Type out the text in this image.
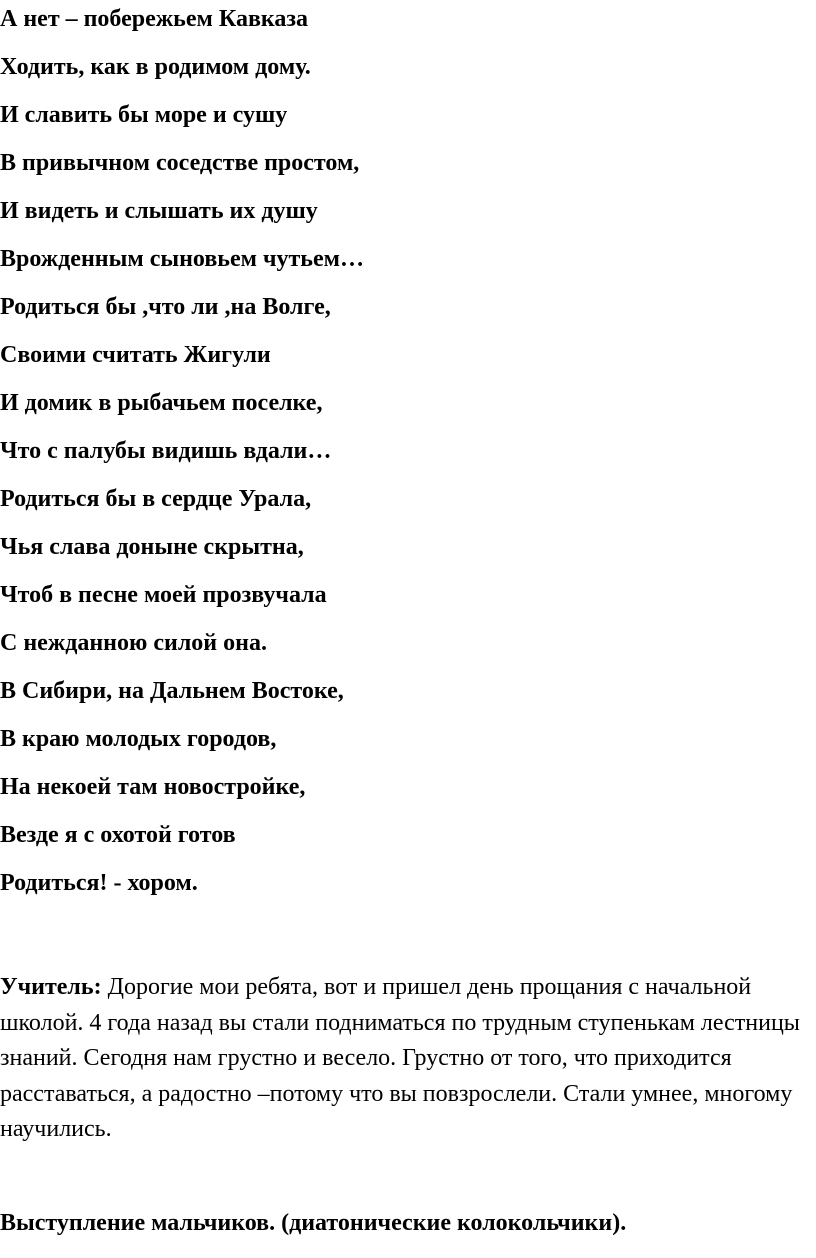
А нет – побережьем Кавказа

Ходить, как в родимом дому.

И славить бы море и сушу

В привычном соседстве простом,

И видеть и слышать их душу

Врожденным сыновьем чутьем…

Родиться бы ,что ли ,на Волге,

Своими считать Жигули

И домик в рыбачьем поселке,

Что с палубы видишь вдали…

Родиться бы в сердце Урала,

Чья слава доныне скрытна,

Чтоб в песне моей прозвучала

С нежданною силой она.

В Сибири, на Дальнем Востоке,

В краю молодых городов,

На некоей там новостройке,

Везде я с охотой готов

Родиться! - хором.

Учитель: Дорогие мои ребята, вот и пришел день прощания с начальной школой. 4 года назад вы стали подниматься по трудным ступенькам лестницы знаний. Сегодня нам грустно и весело. Грустно от того, что приходится расставаться, а радостно –потому что вы повзрослели. Стали умнее, многому научились.

Выступление мальчиков. (диатонические колокольчики).
